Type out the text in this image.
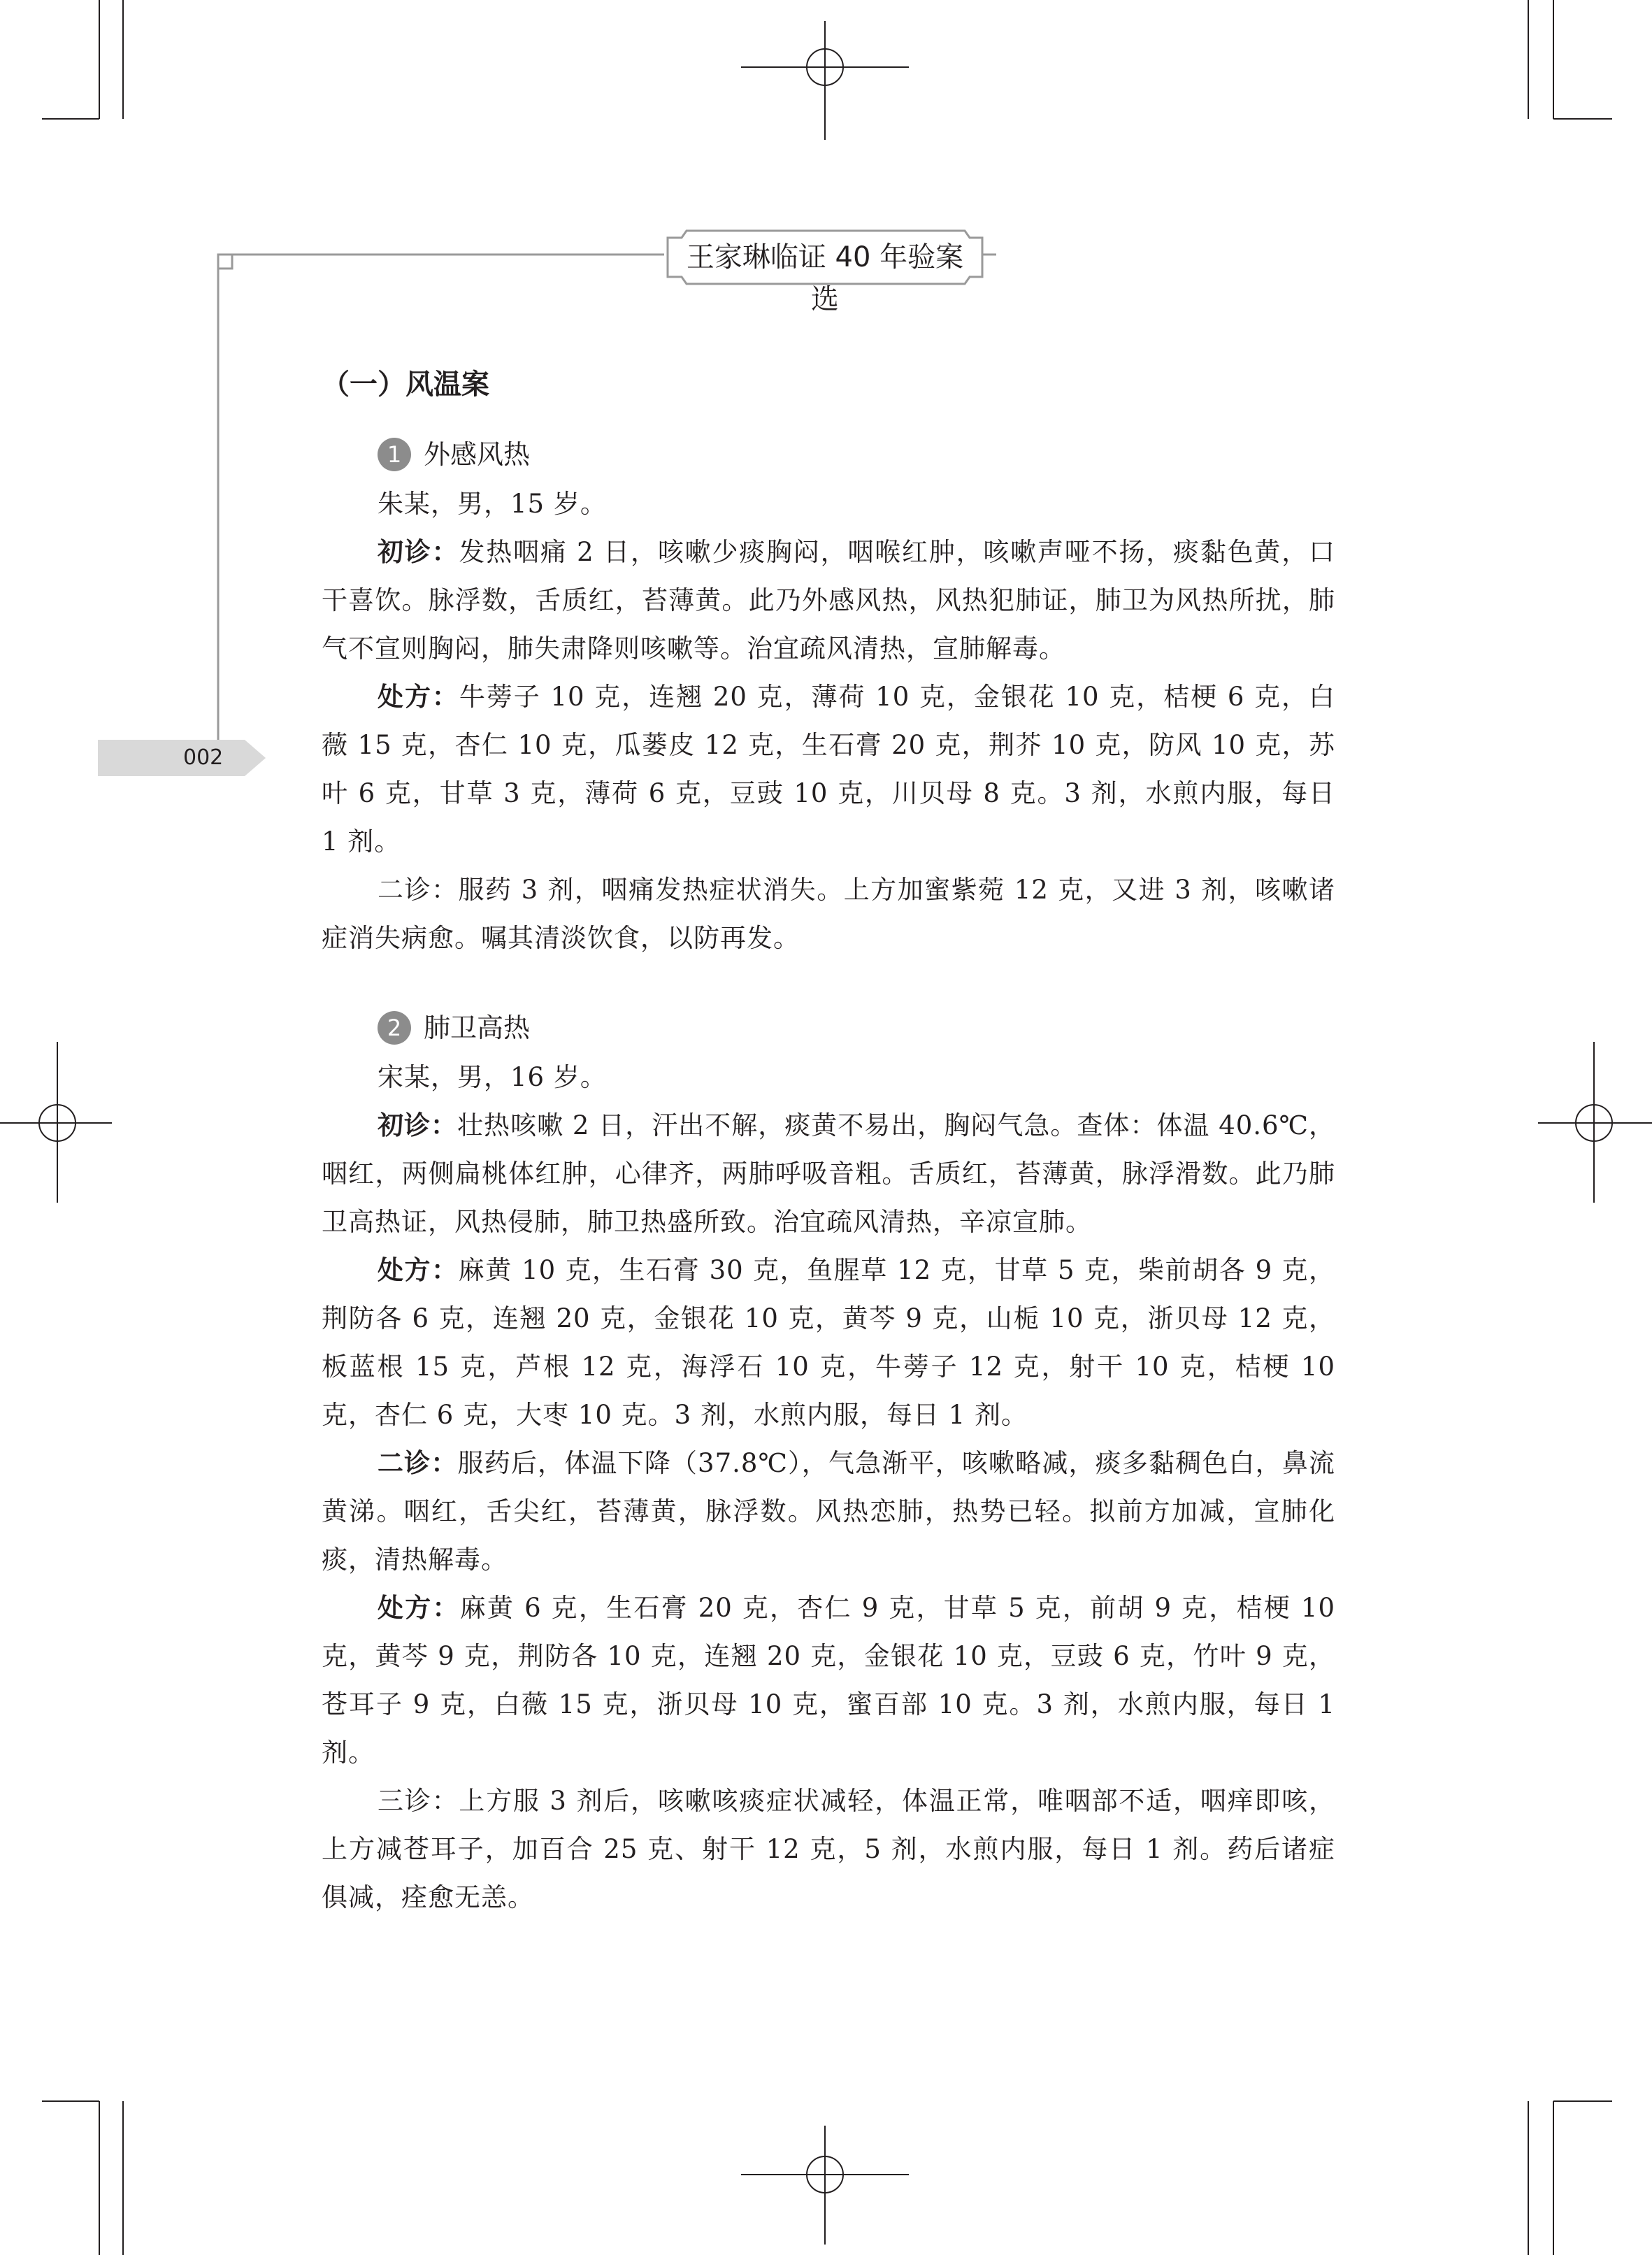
王家琳临证 40 年验案选
002
（一）风温案
1 外感风热

朱某，男，15 岁。

初诊：发热咽痛 2 日，咳嗽少痰胸闷，咽喉红肿，咳嗽声哑不扬，痰黏色黄，口干喜饮。脉浮数，舌质红，苔薄黄。此乃外感风热，风热犯肺证，肺卫为风热所扰，肺气不宣则胸闷，肺失肃降则咳嗽等。治宜疏风清热，宣肺解毒。

处方：牛蒡子 10 克，连翘 20 克，薄荷 10 克，金银花 10 克，桔梗 6 克，白薇 15 克，杏仁 10 克，瓜蒌皮 12 克，生石膏 20 克，荆芥 10 克，防风 10 克，苏叶 6 克，甘草 3 克，薄荷 6 克，豆豉 10 克，川贝母 8 克。3 剂，水煎内服，每日 1 剂。

二诊：服药 3 剂，咽痛发热症状消失。上方加蜜紫菀 12 克，又进 3 剂，咳嗽诸症消失病愈。嘱其清淡饮食，以防再发。

2 肺卫高热

宋某，男，16 岁。

初诊：壮热咳嗽 2 日，汗出不解，痰黄不易出，胸闷气急。查体：体温 40.6℃，咽红，两侧扁桃体红肿，心律齐，两肺呼吸音粗。舌质红，苔薄黄，脉浮滑数。此乃肺卫高热证，风热侵肺，肺卫热盛所致。治宜疏风清热，辛凉宣肺。

处方：麻黄 10 克，生石膏 30 克，鱼腥草 12 克，甘草 5 克，柴前胡各 9 克，荆防各 6 克，连翘 20 克，金银花 10 克，黄芩 9 克，山栀 10 克，浙贝母 12 克，板蓝根 15 克，芦根 12 克，海浮石 10 克，牛蒡子 12 克，射干 10 克，桔梗 10 克，杏仁 6 克，大枣 10 克。3 剂，水煎内服，每日 1 剂。

二诊：服药后，体温下降（37.8℃），气急渐平，咳嗽略减，痰多黏稠色白，鼻流黄涕。咽红，舌尖红，苔薄黄，脉浮数。风热恋肺，热势已轻。拟前方加减，宣肺化痰，清热解毒。

处方：麻黄 6 克，生石膏 20 克，杏仁 9 克，甘草 5 克，前胡 9 克，桔梗 10 克，黄芩 9 克，荆防各 10 克，连翘 20 克，金银花 10 克，豆豉 6 克，竹叶 9 克，苍耳子 9 克，白薇 15 克，浙贝母 10 克，蜜百部 10 克。3 剂，水煎内服，每日 1 剂。

三诊：上方服 3 剂后，咳嗽咳痰症状减轻，体温正常，唯咽部不适，咽痒即咳，上方减苍耳子，加百合 25 克、射干 12 克，5 剂，水煎内服，每日 1 剂。药后诸症俱减，痊愈无恙。
